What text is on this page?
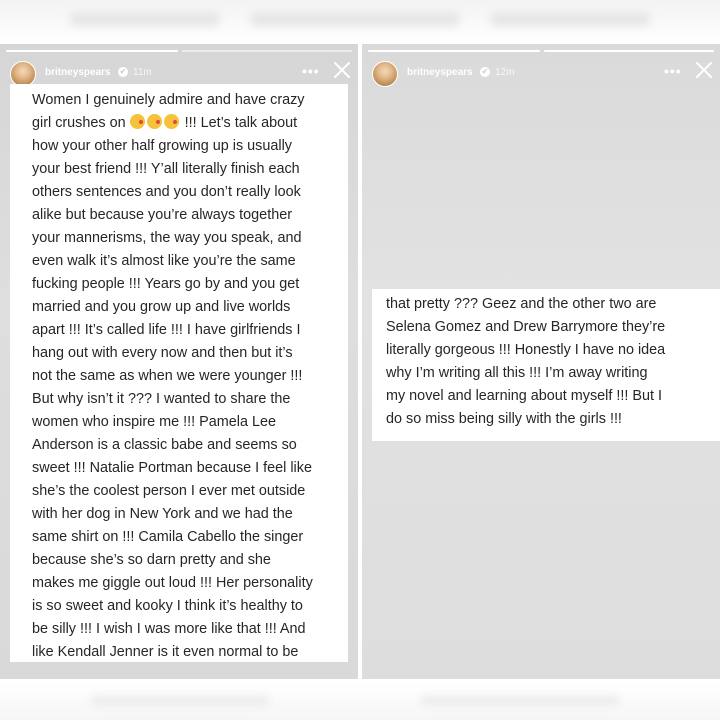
britneyspears ✔ 11m	•••

Women I genuinely admire and have crazy

girl crushes on	!!! Let’s talk about

how your other half growing up is usually

your best friend !!! Y’all literally finish each

others sentences and you don’t really look

alike but because you’re always together

your mannerisms, the way you speak, and

even walk it’s almost like you’re the same

fucking people !!! Years go by and you get

married and you grow up and live worlds

apart !!! It’s called life !!! I have girlfriends I

hang out with every now and then but it’s

not the same as when we were younger !!!

But why isn’t it ??? I wanted to share the

women who inspire me !!! Pamela Lee

Anderson is a classic babe and seems so

sweet !!! Natalie Portman because I feel like

she’s the coolest person I ever met outside

with her dog in New York and we had the

same shirt on !!! Camila Cabello the singer

because she’s so darn pretty and she

makes me giggle out loud !!! Her personality

is so sweet and kooky I think it’s healthy to

be silly !!! I wish I was more like that !!! And

like Kendall Jenner is it even normal to be

britneyspears ✔ 12m	•••

that pretty ??? Geez and the other two are

Selena Gomez and Drew Barrymore they’re

literally gorgeous !!! Honestly I have no idea

why I’m writing all this !!! I’m away writing

my novel and learning about myself !!! But I

do so miss being silly with the girls !!!
